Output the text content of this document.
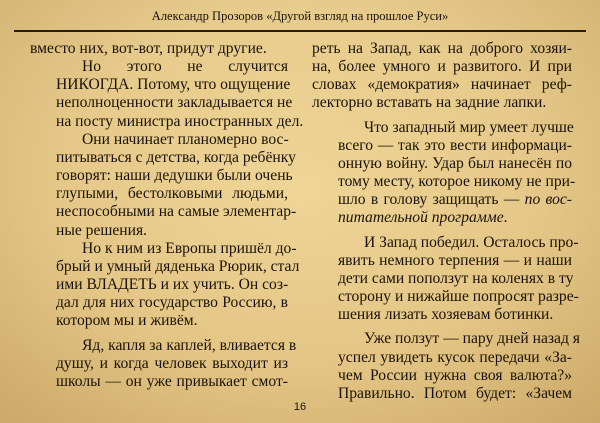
Александр Прозоров «Другой взгляд на прошлое Руси»

вместо них, вот-вот, придут другие.

Но этого не случится
НИКОГДА. Потому, что ощущение
неполноценности закладывается не
на посту министра иностранных дел.

Они начинает планомерно вос-
питываться с детства, когда ребёнку
говорят: наши дедушки были очень
глупыми, бестолковыми людьми,
неспособными на самые элементар-
ные решения.

Но к ним из Европы пришёл до-
брый и умный дяденька Рюрик, стал
ими ВЛАДЕТЬ и их учить. Он соз-
дал для них государство Россию, в
котором мы и живём.

Яд, капля за каплей, вливается в
душу, и когда человек выходит из
школы — он уже привыкает смот-

реть на Запад, как на доброго хозяи-
на, более умного и развитого. И при
словах «демократия» начинает реф-
лекторно вставать на задние лапки.

Что западный мир умеет лучше
всего — так это вести информаци-
онную войну. Удар был нанесён по
тому месту, которое никому не при-
шло в голову защищать — по вос-
питательной программе.

И Запад победил. Осталось про-
явить немного терпения — и наши
дети сами поползут на коленях в ту
сторону и нижайше попросят разре-
шения лизать хозяевам ботинки.

Уже ползут — пару дней назад я
успел увидеть кусок передачи «За-
чем России нужна своя валюта?»
Правильно. Потом будет: «Зачем

16
